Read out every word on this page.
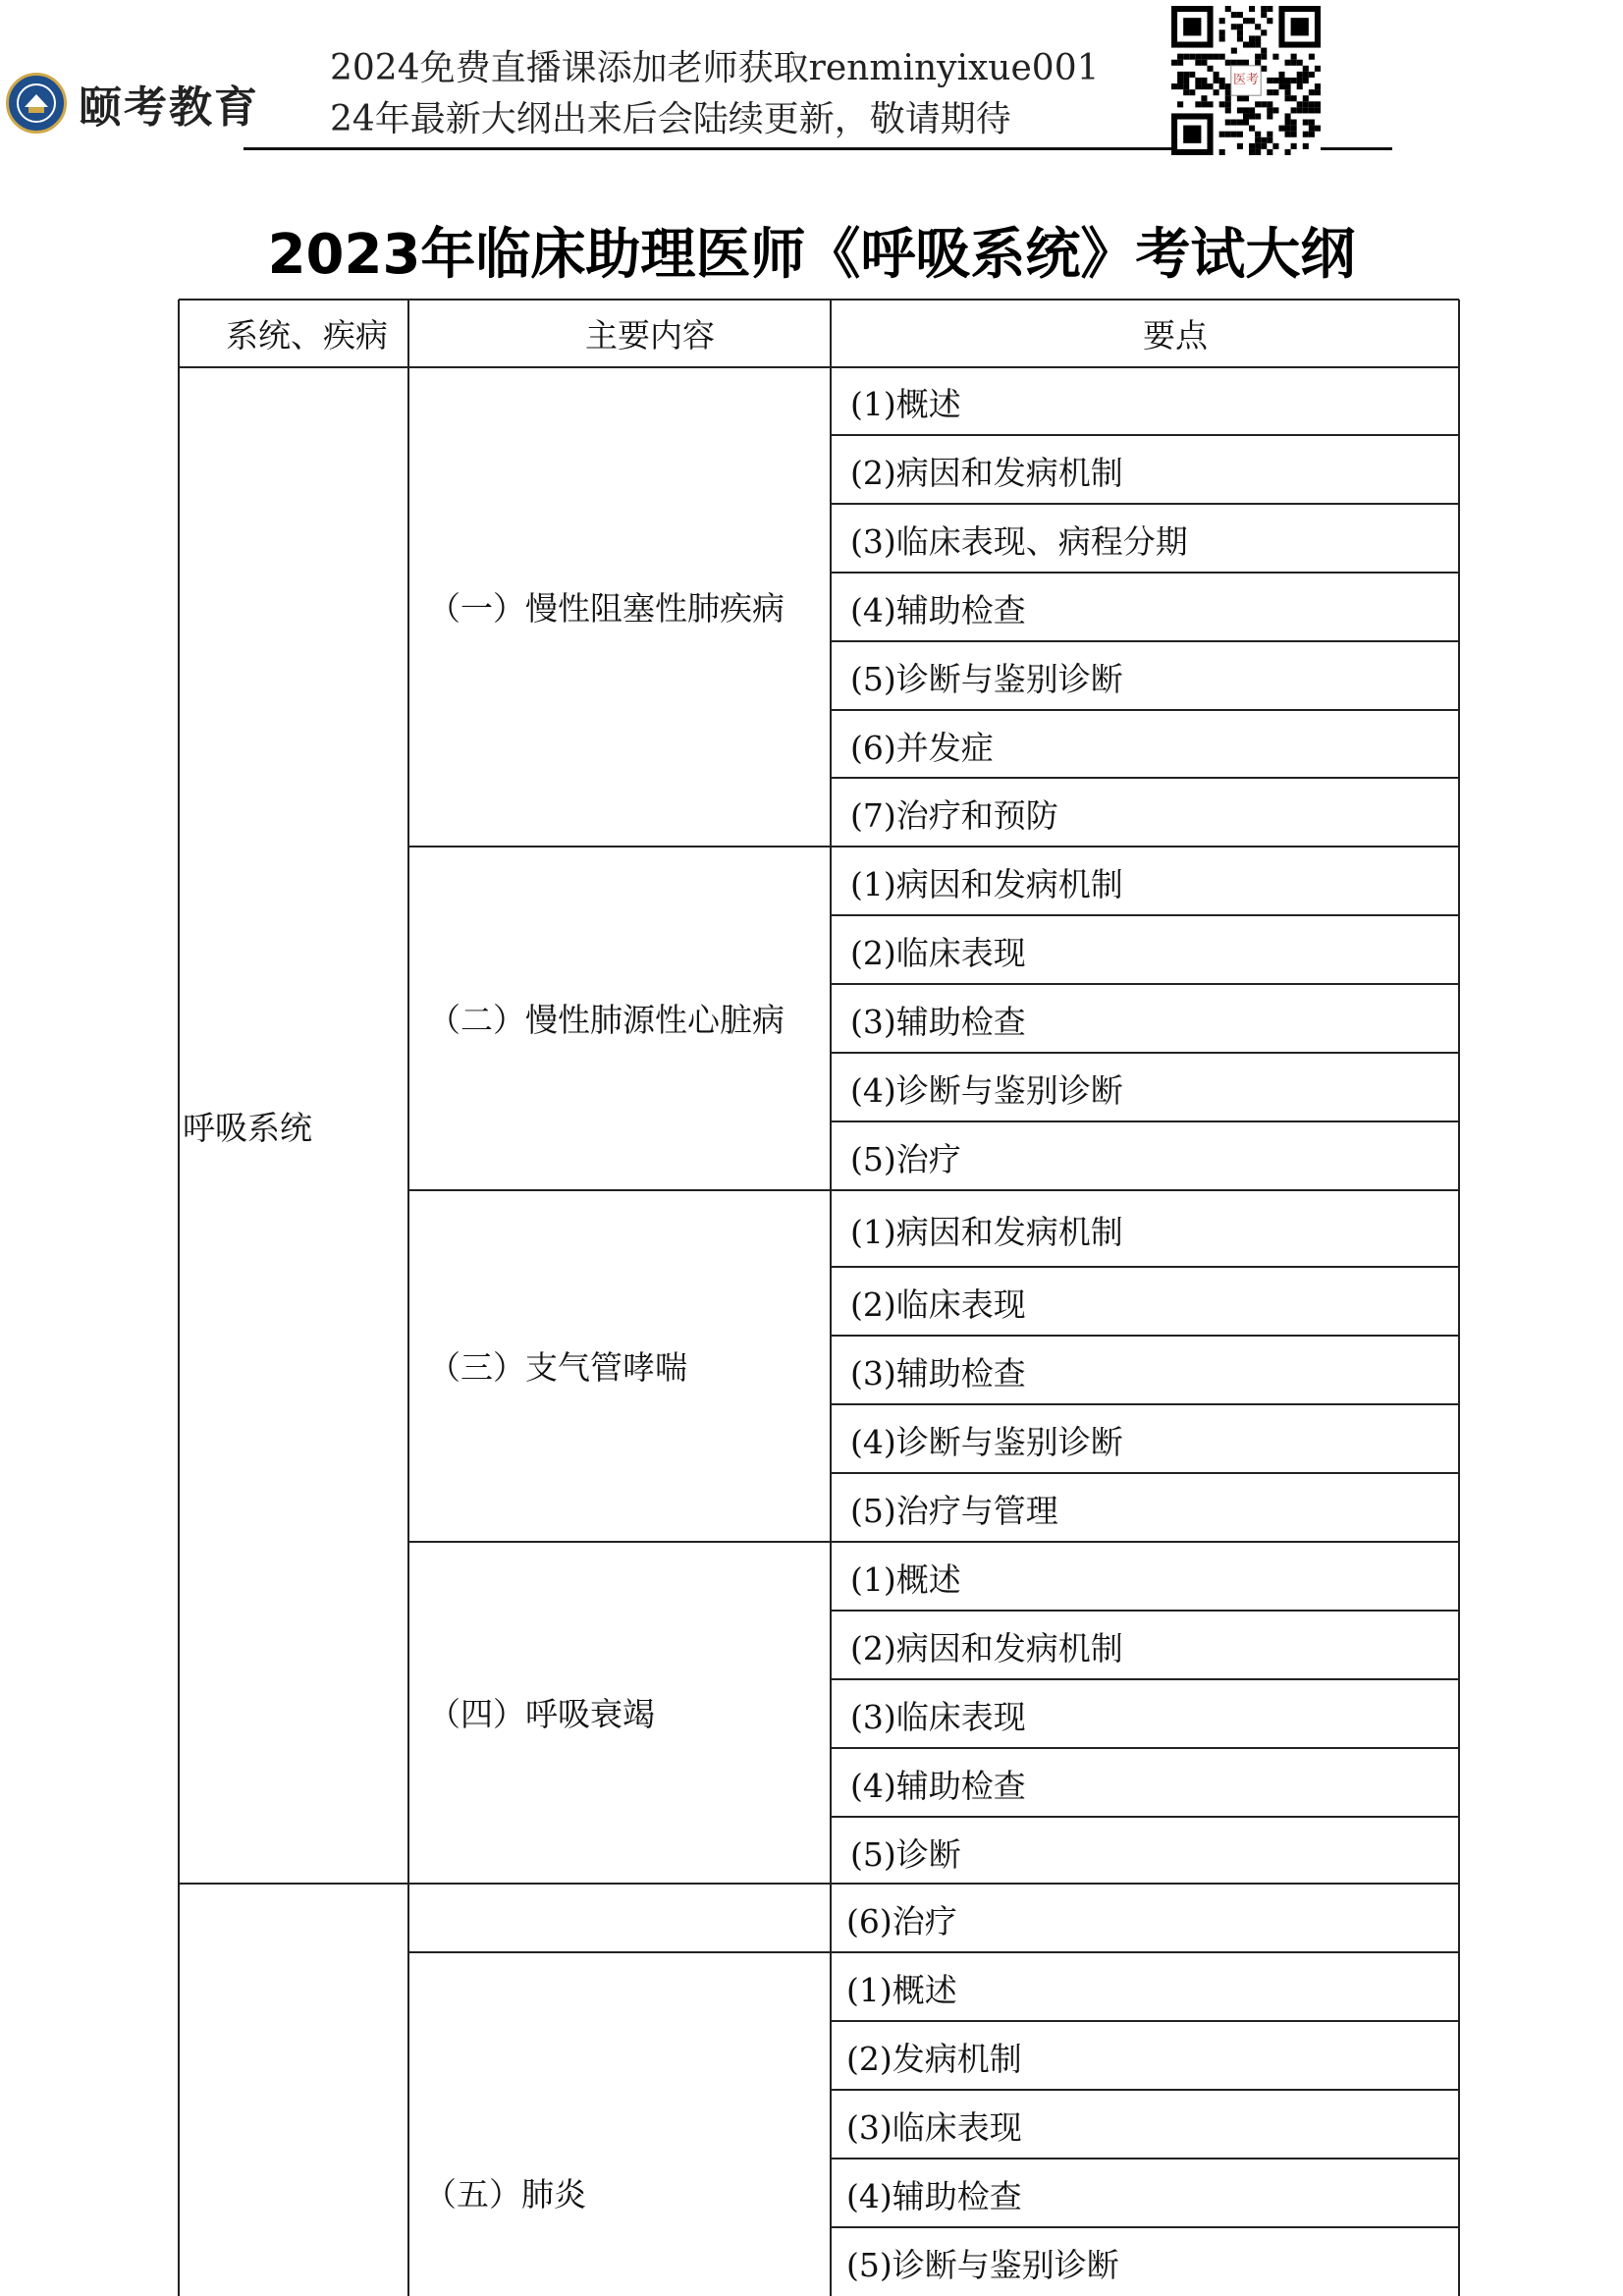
颐考教育
2024免费直播课添加老师获取renminyixue001
24年最新大纲出来后会陆续更新，敬请期待
医考
2023年临床助理医师《呼吸系统》考试大纲
系统、疾病	主要内容	要点
呼吸系统
（一）慢性阻塞性肺疾病
（二）慢性肺源性心脏病
（三）支气管哮喘
（四）呼吸衰竭
（五）肺炎
(1)概述
(2)病因和发病机制
(3)临床表现、病程分期
(4)辅助检查
(5)诊断与鉴别诊断
(6)并发症
(7)治疗和预防
(1)病因和发病机制
(2)临床表现
(3)辅助检查
(4)诊断与鉴别诊断
(5)治疗
(1)病因和发病机制
(2)临床表现
(3)辅助检查
(4)诊断与鉴别诊断
(5)治疗与管理
(1)概述
(2)病因和发病机制
(3)临床表现
(4)辅助检查
(5)诊断
(6)治疗
(1)概述
(2)发病机制
(3)临床表现
(4)辅助检查
(5)诊断与鉴别诊断
